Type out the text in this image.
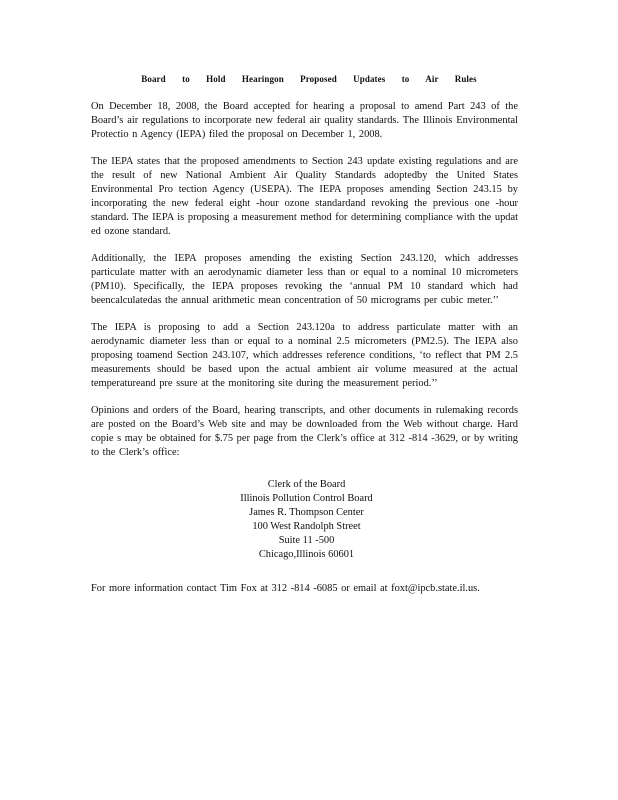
Board to Hold Hearingon Proposed Updates to Air Rules

On December 18, 2008, the Board accepted for hearing a proposal to amend Part 243 of the Board’s air regulations to incorporate new federal air quality standards. The Illinois Environmental Protectio n Agency (IEPA) filed the proposal on December 1, 2008.

The IEPA states that the proposed amendments to Section 243 update existing regulations and are the result of new National Ambient Air Quality Standards adoptedby the United States Environmental Pro tection Agency (USEPA). The IEPA proposes amending Section 243.15 by incorporating the new federal eight -hour ozone standardand revoking the previous one -hour standard. The IEPA is proposing a measurement method for determining compliance with the updat ed ozone standard.

Additionally, the IEPA proposes amending the existing Section 243.120, which addresses particulate matter with an aerodynamic diameter less than or equal to a nominal 10 micrometers (PM10). Specifically, the IEPA proposes revoking the ‘annual PM 10 standard which had beencalculatedas the annual arithmetic mean concentration of 50 micrograms per cubic meter.’’

The IEPA is proposing to add a Section 243.120a to address particulate matter with an aerodynamic diameter less than or equal to a nominal 2.5 micrometers (PM2.5). The IEPA also proposing toamend Section 243.107, which addresses reference conditions, ‘to reflect that PM 2.5 measurements should be based upon the actual ambient air volume measured at the actual temperatureand pre ssure at the monitoring site during the measurement period.’’

Opinions and orders of the Board, hearing transcripts, and other documents in rulemaking records are posted on the Board’s Web site and may be downloaded from the Web without charge. Hard copie s may be obtained for $.75 per page from the Clerk’s office at 312 -814 -3629, or by writing to the Clerk’s office:

Clerk of the Board
Illinois Pollution Control Board
James R. Thompson Center
100 West Randolph Street
Suite 11 -500
Chicago,Illinois 60601

For more information contact Tim Fox at 312 -814 -6085 or email at foxt@ipcb.state.il.us.
